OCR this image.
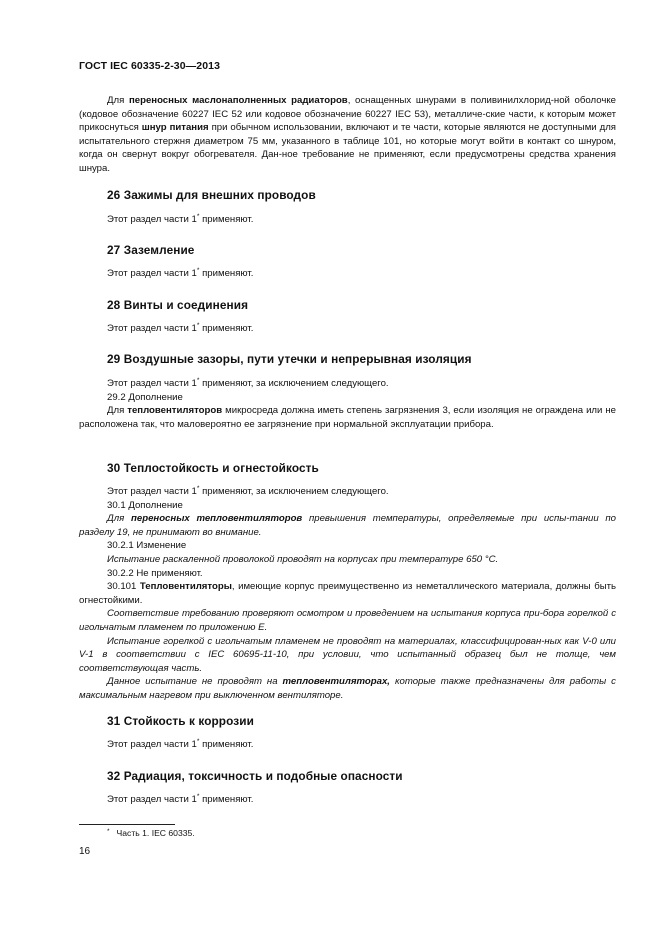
ГОСТ IEC 60335-2-30—2013

Для переносных маслонаполненных радиаторов, оснащенных шнурами в поливинилхлорид-ной оболочке (кодовое обозначение 60227 IEC 52 или кодовое обозначение 60227 IEC 53), металличе-ские части, к которым может прикоснуться шнур питания при обычном использовании, включают и те части, которые являются не доступными для испытательного стержня диаметром 75 мм, указанного в таблице 101, но которые могут войти в контакт со шнуром, когда он свернут вокруг обогревателя. Дан-ное требование не применяют, если предусмотрены средства хранения шнура.

26 Зажимы для внешних проводов
Этот раздел части 1* применяют.
27 Заземление
Этот раздел части 1* применяют.
28 Винты и соединения
Этот раздел части 1* применяют.
29 Воздушные зазоры, пути утечки и непрерывная изоляция

Этот раздел части 1* применяют, за исключением следующего.

29.2 Дополнение

Для тепловентиляторов микросреда должна иметь степень загрязнения 3, если изоляция не ограждена или не расположена так, что маловероятно ее загрязнение при нормальной эксплуатации прибора.

30 Теплостойкость и огнестойкость

Этот раздел части 1* применяют, за исключением следующего.

30.1 Дополнение

Для переносных тепловентиляторов превышения температуры, определяемые при испы-тании по разделу 19, не принимают во внимание.

30.2.1 Изменение

Испытание раскаленной проволокой проводят на корпусах при температуре 650 °С.

30.2.2 Не применяют.

30.101 Тепловентиляторы, имеющие корпус преимущественно из неметаллического материала, должны быть огнестойкими.

Соответствие требованию проверяют осмотром и проведением на испытания корпуса при-бора горелкой с игольчатым пламенем по приложению Е.

Испытание горелкой с игольчатым пламенем не проводят на материалах, классифицирован-ных как V-0 или V-1 в соответствии с IEC 60695-11-10, при условии, что испытанный образец был не толще, чем соответствующая часть.

Данное испытание не проводят на тепловентиляторах, которые также предназначены для работы с максимальным нагревом при выключенном вентиляторе.

31 Стойкость к коррозии
Этот раздел части 1* применяют.
32 Радиация, токсичность и подобные опасности
Этот раздел части 1* применяют.
* Часть 1. IEC 60335.
16
